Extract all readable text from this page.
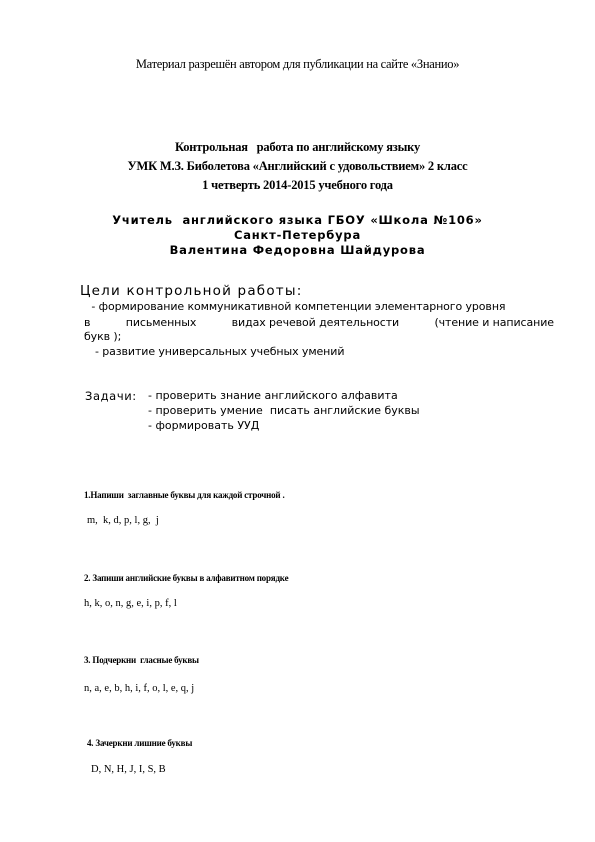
Материал разрешён автором для публикации на сайте «Знанио»
Контрольная   работа по английскому языку
УМК М.З. Биболетова «Английский с удовольствием» 2 класс
1 четверть 2014-2015 учебного года
Учитель  английского языка ГБОУ «Школа №106»
Санкт-Петербура
Валентина Федоровна Шайдурова
Цели контрольной работы:
- формирование коммуникативной компетенции элементарного урoвня
в	письменных	видах речевой деятельности	(чтение и написание
букв );
- развитие универсальных учебных умений
Задачи: - проверить знание английского алфавита
- проверить умение  писать английские буквы
- формировать УУД
1.Напиши  заглавные буквы для каждой строчной .
m,  k, d, p, l, g,  j
2. Запиши английские буквы в алфавитном порядке
h, k, o, n, g, e, i, p, f, l
3. Подчеркни  гласные буквы
n, a, e, b, h, i, f, o, l, e, q, j
4. Зачеркни лишние буквы
D, N, H, J, I, S, B
